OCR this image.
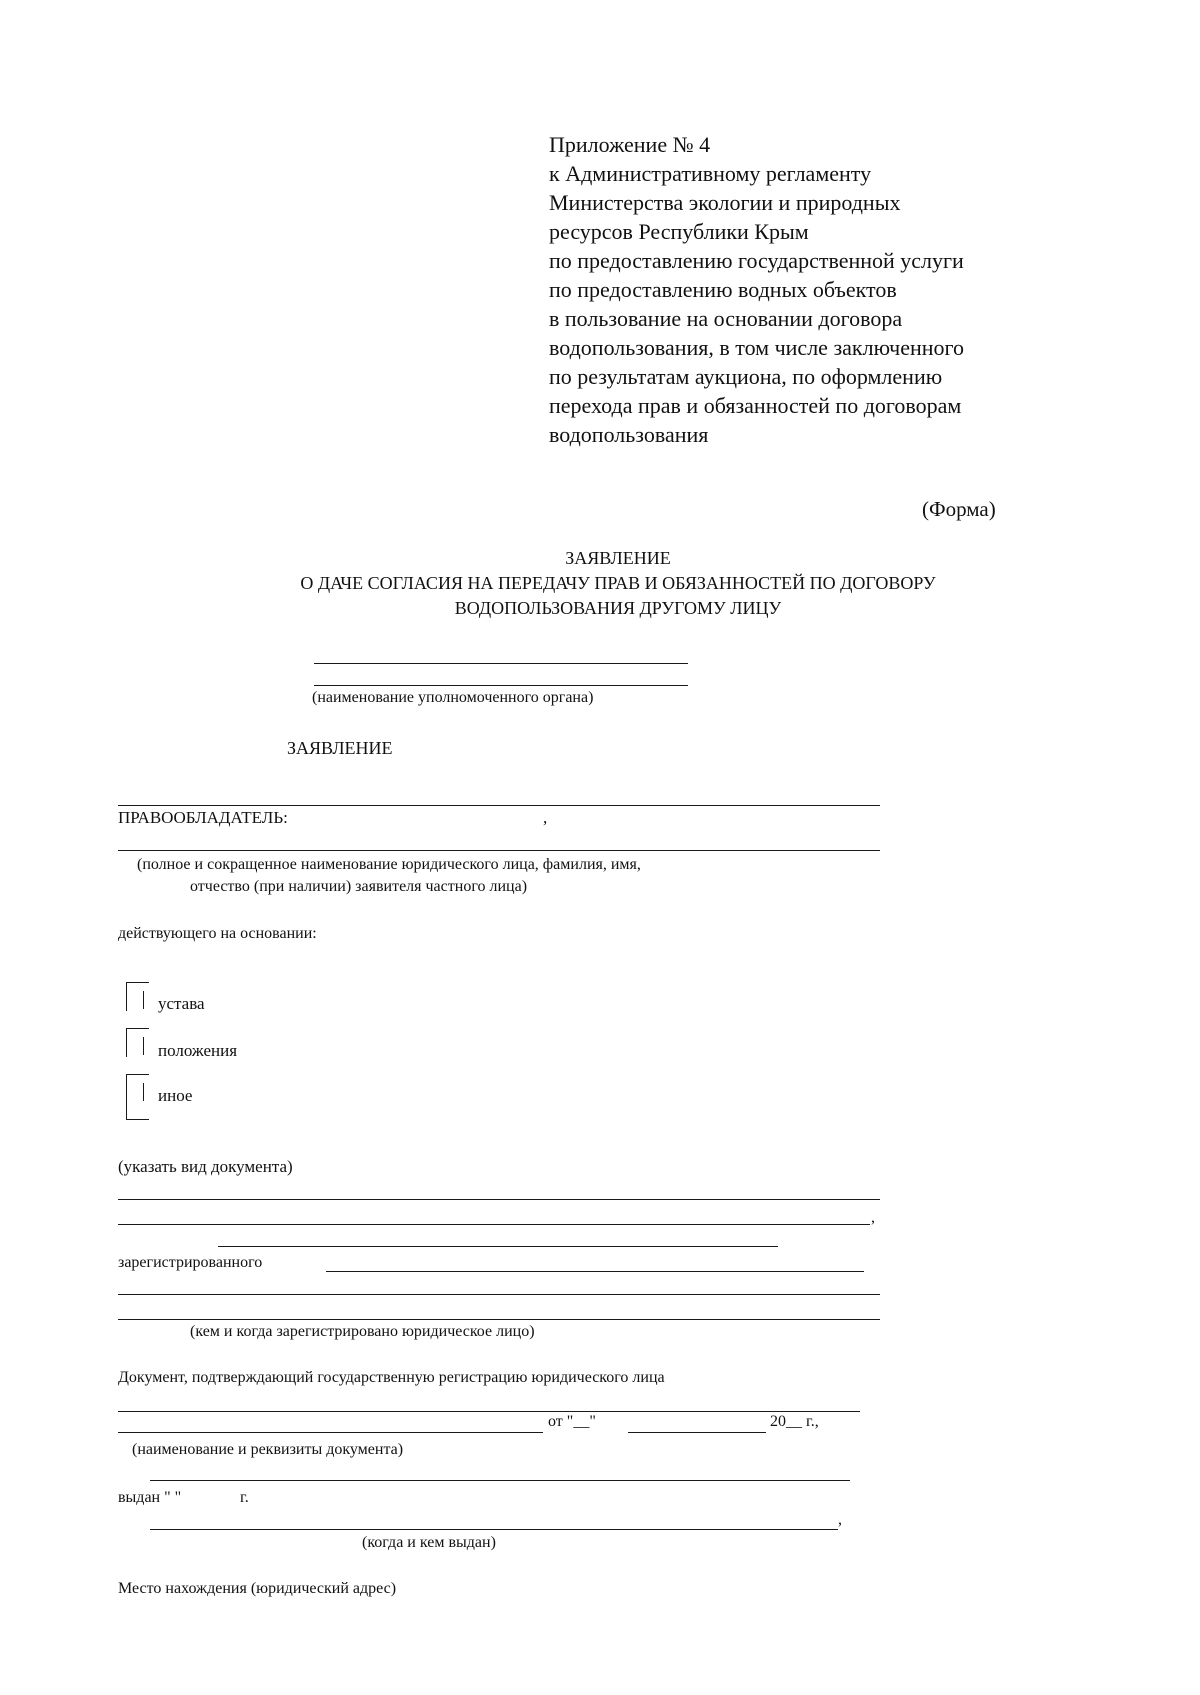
Приложение № 4
к Административному регламенту
Министерства экологии и природных
ресурсов Республики Крым
по предоставлению государственной услуги
по предоставлению водных объектов
в пользование на основании договора
водопользования, в том числе заключенного
по результатам аукциона, по оформлению
перехода прав и обязанностей по договорам
водопользования
(Форма)
ЗАЯВЛЕНИЕ
О ДАЧЕ СОГЛАСИЯ НА ПЕРЕДАЧУ ПРАВ И ОБЯЗАННОСТЕЙ ПО ДОГОВОРУ
ВОДОПОЛЬЗОВАНИЯ ДРУГОМУ ЛИЦУ
(наименование уполномоченного органа)
ЗАЯВЛЕНИЕ
ПРАВООБЛАДАТЕЛЬ:	,
(полное и сокращенное наименование юридического лица, фамилия, имя,
отчество (при наличии) заявителя частного лица)
действующего на основании:
устава
положения
иное
(указать вид документа)
,
зарегистрированного
(кем и когда зарегистрировано юридическое лицо)
Документ, подтверждающий государственную регистрацию юридического лица
от "__"	20__ г.,
(наименование и реквизиты документа)
выдан " "	г.
,
(когда и кем выдан)
Место нахождения (юридический адрес)
